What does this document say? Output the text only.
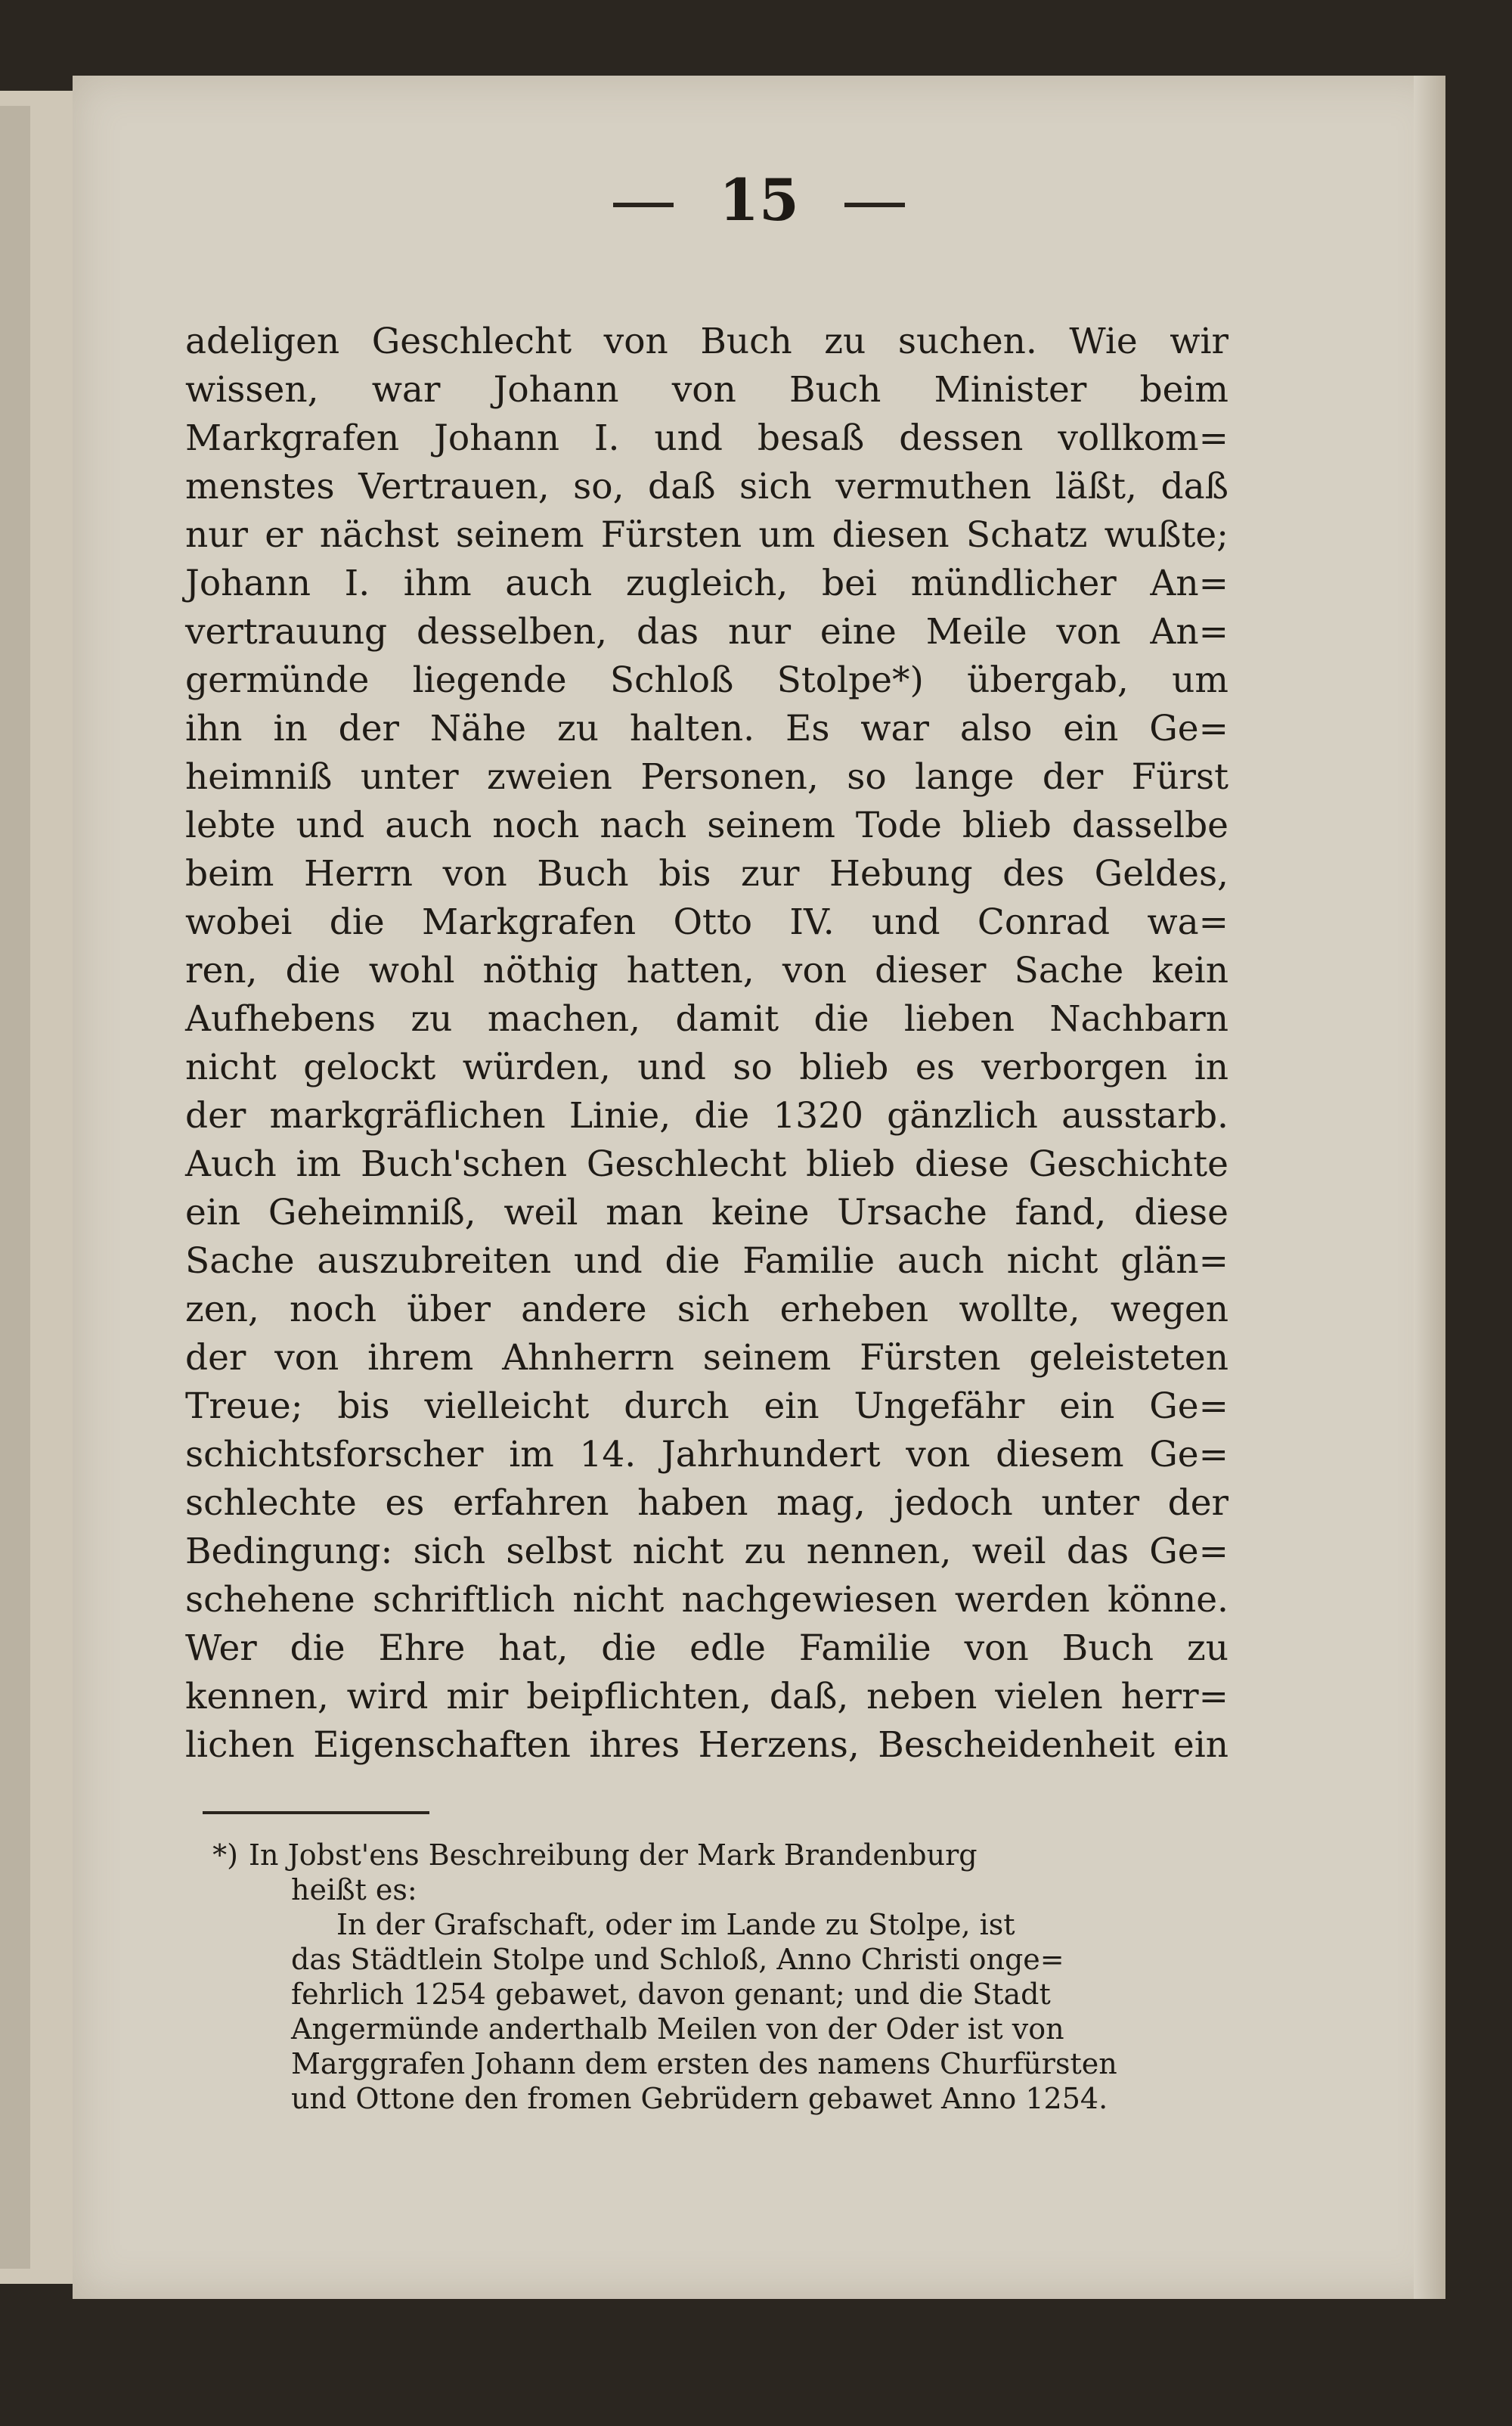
15
adeligen Geschlecht von Buch zu suchen. Wie wir
wissen, war Johann von Buch Minister beim
Markgrafen Johann I. und besaß dessen vollkom=
menstes Vertrauen, so, daß sich vermuthen läßt, daß
nur er nächst seinem Fürsten um diesen Schatz wußte;
Johann I. ihm auch zugleich, bei mündlicher An=
vertrauung desselben, das nur eine Meile von An=
germünde liegende Schloß Stolpe*) übergab, um
ihn in der Nähe zu halten. Es war also ein Ge=
heimniß unter zweien Personen, so lange der Fürst
lebte und auch noch nach seinem Tode blieb dasselbe
beim Herrn von Buch bis zur Hebung des Geldes,
wobei die Markgrafen Otto IV. und Conrad wa=
ren, die wohl nöthig hatten, von dieser Sache kein
Aufhebens zu machen, damit die lieben Nachbarn
nicht gelockt würden, und so blieb es verborgen in
der markgräflichen Linie, die 1320 gänzlich ausstarb.
Auch im Buch'schen Geschlecht blieb diese Geschichte
ein Geheimniß, weil man keine Ursache fand, diese
Sache auszubreiten und die Familie auch nicht glän=
zen, noch über andere sich erheben wollte, wegen
der von ihrem Ahnherrn seinem Fürsten geleisteten
Treue; bis vielleicht durch ein Ungefähr ein Ge=
schichtsforscher im 14. Jahrhundert von diesem Ge=
schlechte es erfahren haben mag, jedoch unter der
Bedingung: sich selbst nicht zu nennen, weil das Ge=
schehene schriftlich nicht nachgewiesen werden könne.
Wer die Ehre hat, die edle Familie von Buch zu
kennen, wird mir beipflichten, daß, neben vielen herr=
lichen Eigenschaften ihres Herzens, Bescheidenheit ein
*) In Jobst'ens Beschreibung der Mark Brandenburg
heißt es:
In der Grafschaft, oder im Lande zu Stolpe, ist
das Städtlein Stolpe und Schloß, Anno Christi onge=
fehrlich 1254 gebawet, davon genant; und die Stadt
Angermünde anderthalb Meilen von der Oder ist von
Marggrafen Johann dem ersten des namens Churfürsten
und Ottone den fromen Gebrüdern gebawet Anno 1254.
